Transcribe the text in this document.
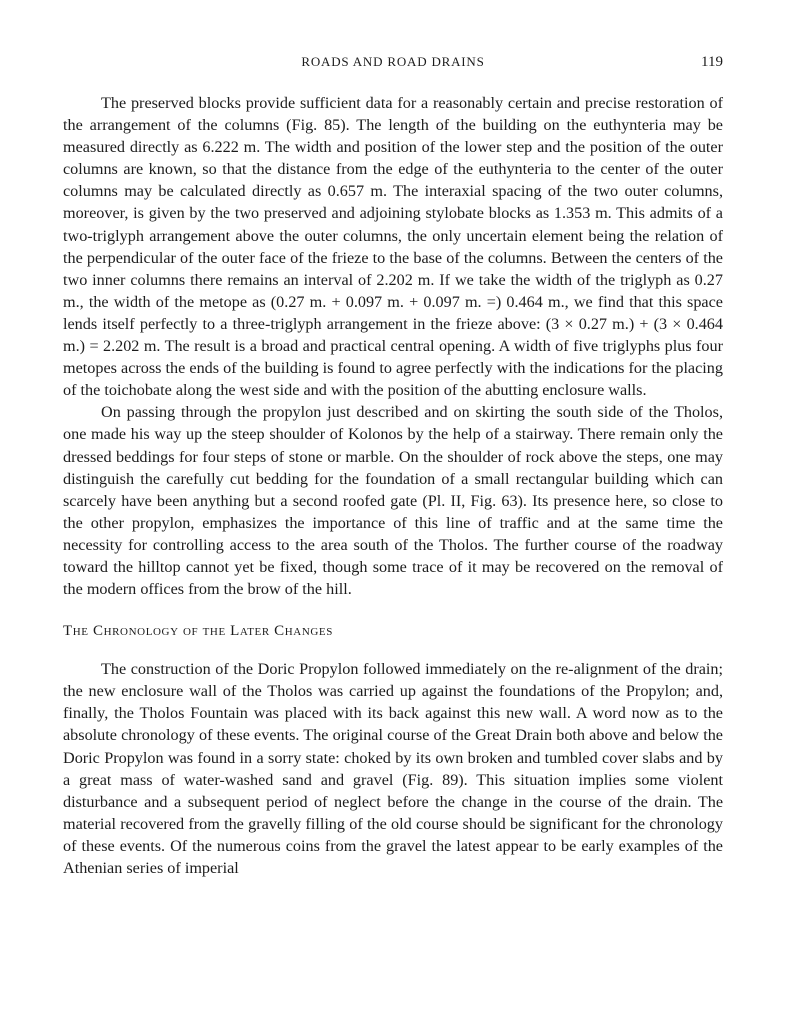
ROADS AND ROAD DRAINS	119

The preserved blocks provide sufficient data for a reasonably certain and precise restoration of the arrangement of the columns (Fig. 85). The length of the building on the euthynteria may be measured directly as 6.222 m. The width and position of the lower step and the position of the outer columns are known, so that the distance from the edge of the euthynteria to the center of the outer columns may be calculated directly as 0.657 m. The interaxial spacing of the two outer columns, moreover, is given by the two preserved and adjoining stylobate blocks as 1.353 m. This admits of a two-triglyph arrangement above the outer columns, the only uncertain element being the relation of the perpendicular of the outer face of the frieze to the base of the columns. Between the centers of the two inner columns there remains an interval of 2.202 m. If we take the width of the triglyph as 0.27 m., the width of the metope as (0.27 m. + 0.097 m. + 0.097 m. =) 0.464 m., we find that this space lends itself perfectly to a three-triglyph arrangement in the frieze above: (3 × 0.27 m.) + (3 × 0.464 m.) = 2.202 m. The result is a broad and practical central opening. A width of five triglyphs plus four metopes across the ends of the building is found to agree perfectly with the indications for the placing of the toichobate along the west side and with the position of the abutting enclosure walls.

On passing through the propylon just described and on skirting the south side of the Tholos, one made his way up the steep shoulder of Kolonos by the help of a stairway. There remain only the dressed beddings for four steps of stone or marble. On the shoulder of rock above the steps, one may distinguish the carefully cut bedding for the foundation of a small rectangular building which can scarcely have been anything but a second roofed gate (Pl. II, Fig. 63). Its presence here, so close to the other propylon, emphasizes the importance of this line of traffic and at the same time the necessity for controlling access to the area south of the Tholos. The further course of the roadway toward the hilltop cannot yet be fixed, though some trace of it may be recovered on the removal of the modern offices from the brow of the hill.

The Chronology of the Later Changes

The construction of the Doric Propylon followed immediately on the re-alignment of the drain; the new enclosure wall of the Tholos was carried up against the foundations of the Propylon; and, finally, the Tholos Fountain was placed with its back against this new wall. A word now as to the absolute chronology of these events. The original course of the Great Drain both above and below the Doric Propylon was found in a sorry state: choked by its own broken and tumbled cover slabs and by a great mass of water-washed sand and gravel (Fig. 89). This situation implies some violent disturbance and a subsequent period of neglect before the change in the course of the drain. The material recovered from the gravelly filling of the old course should be significant for the chronology of these events. Of the numerous coins from the gravel the latest appear to be early examples of the Athenian series of imperial
